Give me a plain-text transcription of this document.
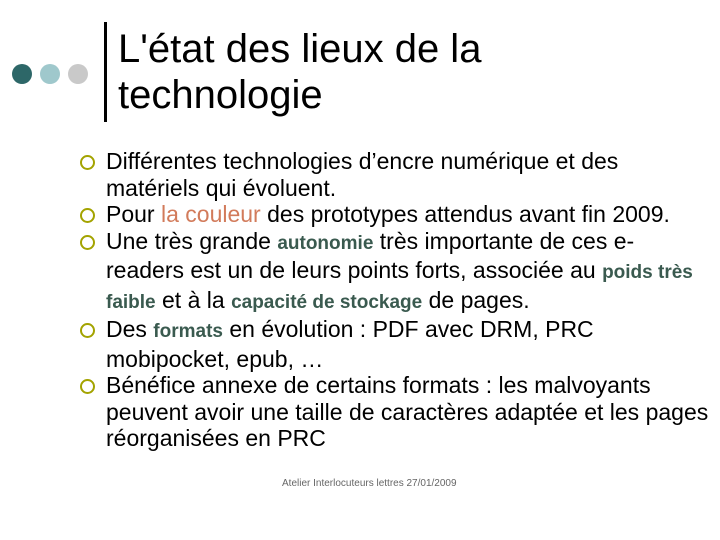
L'état des lieux de la
technologie
Différentes technologies d’encre numérique et des matériels qui évoluent.
Pour la couleur des prototypes attendus avant fin 2009.
Une très grande autonomie très importante de ces e-readers est un de leurs points forts, associée au poids très faible et à la capacité de stockage de pages.
Des formats en évolution : PDF avec DRM, PRC mobipocket, epub, …
Bénéfice annexe de certains formats : les malvoyants peuvent avoir une taille de caractères adaptée et les pages réorganisées en PRC
Atelier Interlocuteurs lettres 27/01/2009
